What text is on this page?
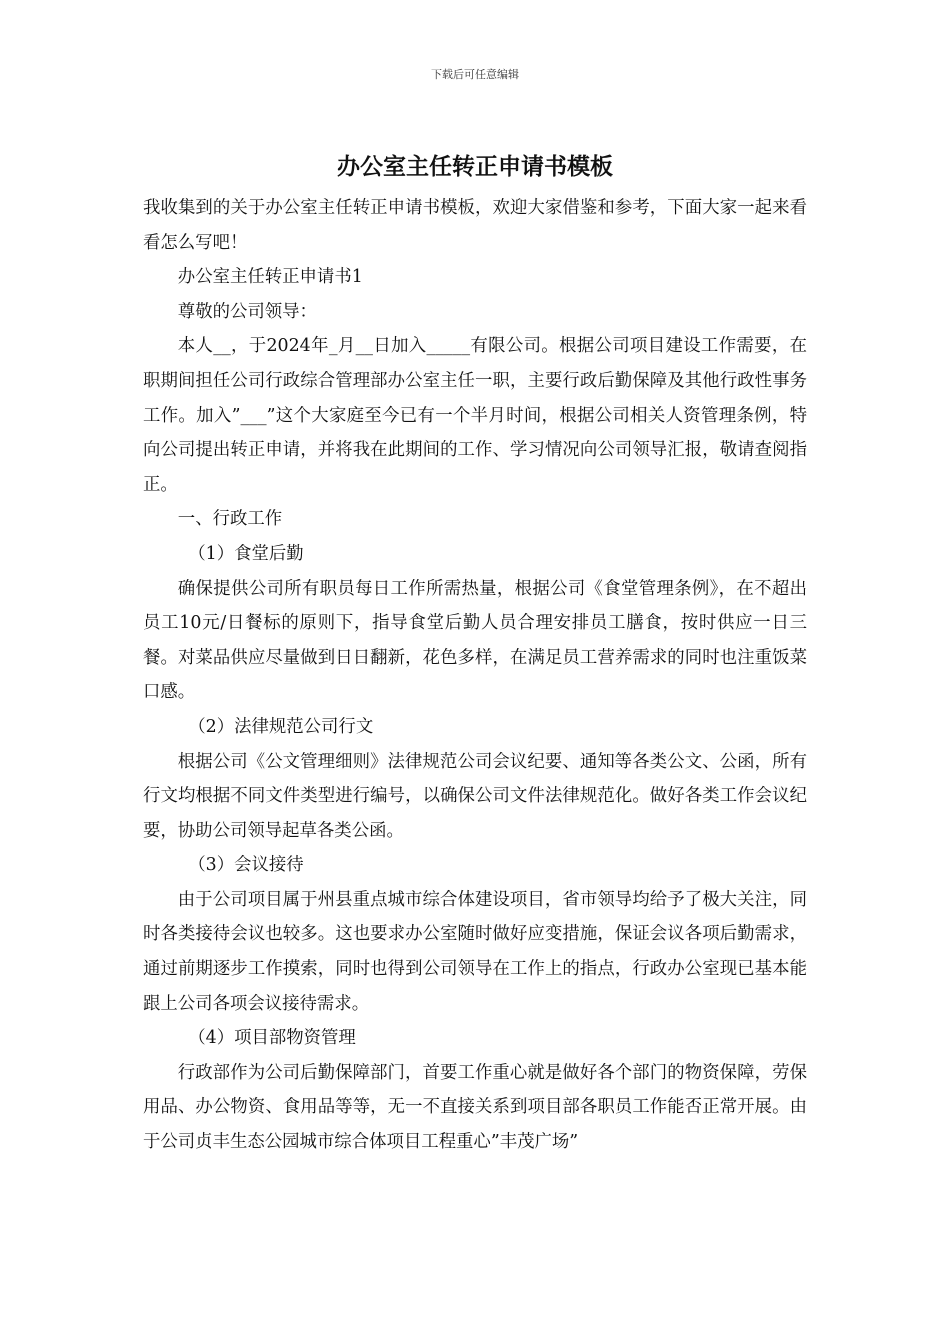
下载后可任意编辑
办公室主任转正申请书模板

我收集到的关于办公室主任转正申请书模板，欢迎大家借鉴和参考，下面大家一起来看看怎么写吧！

办公室主任转正申请书1

尊敬的公司领导：

本人__，于2024年_月__日加入_____有限公司。根据公司项目建设工作需要，在职期间担任公司行政综合管理部办公室主任一职，主要行政后勤保障及其他行政性事务工作。加入”___”这个大家庭至今已有一个半月时间，根据公司相关人资管理条例，特向公司提出转正申请，并将我在此期间的工作、学习情况向公司领导汇报，敬请查阅指正。

一、行政工作

（1）食堂后勤

确保提供公司所有职员每日工作所需热量，根据公司《食堂管理条例》，在不超出员工10元/日餐标的原则下，指导食堂后勤人员合理安排员工膳食，按时供应一日三餐。对菜品供应尽量做到日日翻新，花色多样，在满足员工营养需求的同时也注重饭菜口感。

（2）法律规范公司行文

根据公司《公文管理细则》法律规范公司会议纪要、通知等各类公文、公函，所有行文均根据不同文件类型进行编号，以确保公司文件法律规范化。做好各类工作会议纪要，协助公司领导起草各类公函。

（3）会议接待

由于公司项目属于州县重点城市综合体建设项目，省市领导均给予了极大关注，同时各类接待会议也较多。这也要求办公室随时做好应变措施，保证会议各项后勤需求，通过前期逐步工作摸索，同时也得到公司领导在工作上的指点，行政办公室现已基本能跟上公司各项会议接待需求。

（4）项目部物资管理

行政部作为公司后勤保障部门，首要工作重心就是做好各个部门的物资保障，劳保用品、办公物资、食用品等等，无一不直接关系到项目部各职员工作能否正常开展。由于公司贞丰生态公园城市综合体项目工程重心”丰茂广场”
